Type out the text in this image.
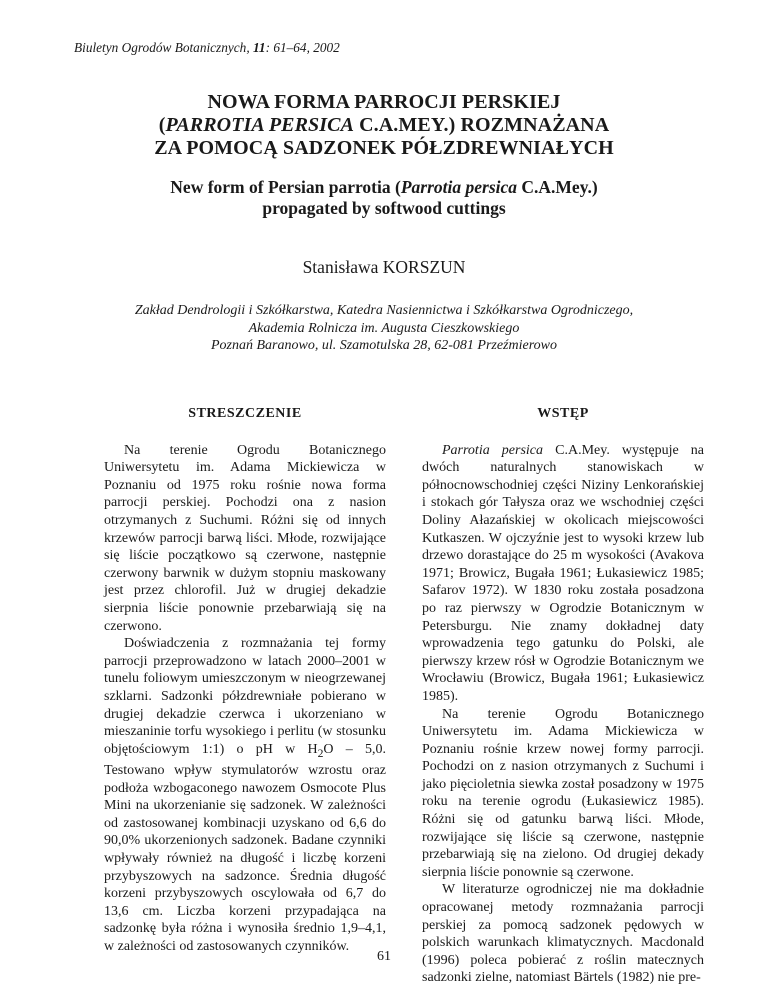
Biuletyn Ogrodów Botanicznych, 11: 61–64, 2002
NOWA FORMA PARROCJI PERSKIEJ
(PARROTIA PERSICA C.A.MEY.) ROZMNAŻANA
ZA POMOCĄ SADZONEK PÓŁZDREWNIAŁYCH
New form of Persian parrotia (Parrotia persica C.A.Mey.)
propagated by softwood cuttings
Stanisława KORSZUN
Zakład Dendrologii i Szkółkarstwa, Katedra Nasiennictwa i Szkółkarstwa Ogrodniczego,
Akademia Rolnicza im. Augusta Cieszkowskiego
Poznań Baranowo, ul. Szamotulska 28, 62-081 Przeźmierowo
STRESZCZENIE

Na terenie Ogrodu Botanicznego Uniwersytetu im. Adama Mickiewicza w Poznaniu od 1975 roku rośnie nowa forma parrocji perskiej. Pochodzi ona z nasion otrzymanych z Suchumi. Różni się od innych krzewów parrocji barwą liści. Młode, rozwijające się liście początkowo są czerwone, następnie czerwony barwnik w dużym stopniu maskowany jest przez chlorofil. Już w drugiej dekadzie sierpnia liście ponownie przebarwiają się na czerwono.

Doświadczenia z rozmnażania tej formy parrocji przeprowadzono w latach 2000–2001 w tunelu foliowym umieszczonym w nieogrzewanej szklarni. Sadzonki półzdrewniałe pobierano w drugiej dekadzie czerwca i ukorzeniano w mieszaninie torfu wysokiego i perlitu (w stosunku objętościowym 1:1) o pH w $H_2O - 5,0$. Testowano wpływ stymulatorów wzrostu oraz podłoża wzbogaconego nawozem Osmocote Plus Mini na ukorzenianie się sadzonek. W zależności od zastosowanej kombinacji uzyskano od 6,6 do 90,0% ukorzenionych sadzonek. Badane czynniki wpływały również na długość i liczbę korzeni przybyszowych na sadzonce. Średnia długość korzeni przybyszowych oscylowała od 6,7 do 13,6 cm. Liczba korzeni przypadająca na sadzonkę była różna i wynosiła średnio 1,9–4,1, w zależności od zastosowanych czynników.

WSTĘP

Parrotia persica C.A.Mey. występuje na dwóch naturalnych stanowiskach w północnowschodniej części Niziny Lenkorańskiej i stokach gór Tałysza oraz we wschodniej części Doliny Ałazańskiej w okolicach miejscowości Kutkaszen. W ojczyźnie jest to wysoki krzew lub drzewo dorastające do 25 m wysokości (Avakova 1971; Browicz, Bugała 1961; Łukasiewicz 1985; Safarov 1972). W 1830 roku została posadzona po raz pierwszy w Ogrodzie Botanicznym w Petersburgu. Nie znamy dokładnej daty wprowadzenia tego gatunku do Polski, ale pierwszy krzew rósł w Ogrodzie Botanicznym we Wrocławiu (Browicz, Bugała 1961; Łukasiewicz 1985).

Na terenie Ogrodu Botanicznego Uniwersytetu im. Adama Mickiewicza w Poznaniu rośnie krzew nowej formy parrocji. Pochodzi on z nasion otrzymanych z Suchumi i jako pięcioletnia siewka został posadzony w 1975 roku na terenie ogrodu (Łukasiewicz 1985). Różni się od gatunku barwą liści. Młode, rozwijające się liście są czerwone, następnie przebarwiają się na zielono. Od drugiej dekady sierpnia liście ponownie są czerwone.

W literaturze ogrodniczej nie ma dokładnie opracowanej metody rozmnażania parrocji perskiej za pomocą sadzonek pędowych w polskich warunkach klimatycznych. Macdonald (1996) poleca pobierać z roślin matecznych sadzonki zielne, natomiast Bärtels (1982) nie pre-

61
